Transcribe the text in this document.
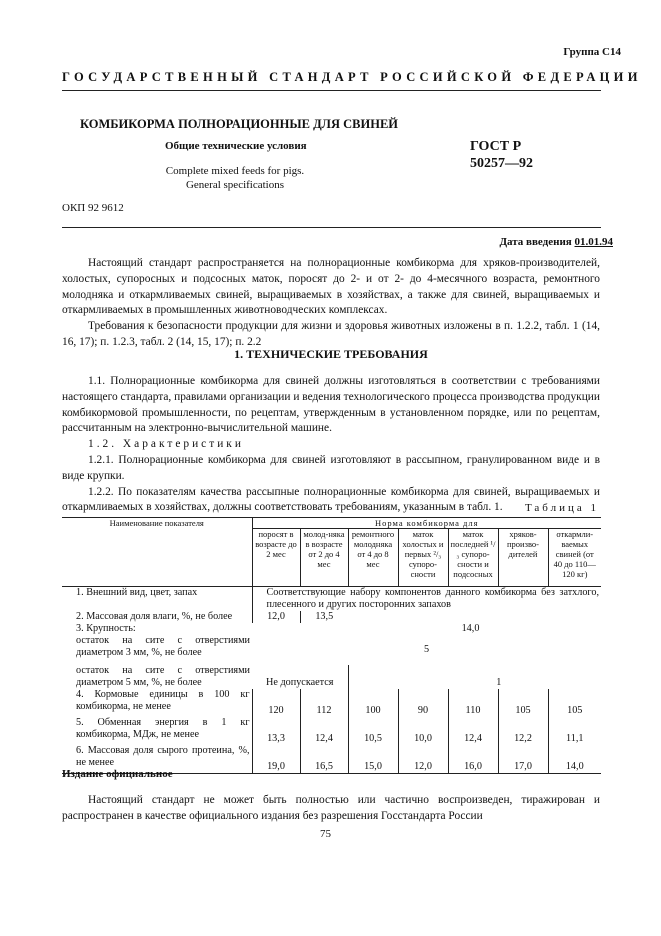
Группа С14
ГОСУДАРСТВЕННЫЙ СТАНДАРТ РОССИЙСКОЙ ФЕДЕРАЦИИ
КОМБИКОРМА ПОЛНОРАЦИОННЫЕ ДЛЯ СВИНЕЙ
Общие технические условия	ГОСТ Р
50257—92
Complete mixed feeds for pigs.
General specifications
ОКП 92 9612
Дата введения 01.01.94

Настоящий стандарт распространяется на полнорационные комбикорма для хряков-производителей, холостых, супоросных и подсосных маток, поросят до 2- и от 2- до 4-месячного возраста, ремонтного молодняка и откармливаемых свиней, выращиваемых в хозяйствах, а также для свиней, выращиваемых и откармливаемых в промышленных животноводческих комплексах.

Требования к безопасности продукции для жизни и здоровья животных изложены в п. 1.2.2, табл. 1 (14, 16, 17); п. 1.2.3, табл. 2 (14, 15, 17); п. 2.2

1. ТЕХНИЧЕСКИЕ ТРЕБОВАНИЯ

1.1. Полнорационные комбикорма для свиней должны изготовляться в соответствии с требованиями настоящего стандарта, правилами организации и ведения технологического процесса производства продукции комбикормовой промышленности, по рецептам, утвержденным в установленном порядке, или по рецептам, рассчитанным на электронно-вычислительной машине.

1.2. Характеристики

1.2.1. Полнорационные комбикорма для свиней изготовляют в рассыпном, гранулированном виде и в виде крупки.

1.2.2. По показателям качества рассыпные полнорационные комбикорма для свиней, выращиваемых и откармливаемых в хозяйствах, должны соответствовать требованиям, указанным в табл. 1.	Таблица 1
Наименование показателя	Норма комбикорма для						
	поросят в возрасте до 2 мес	молод-няка в возрасте от 2 до 4 мес	ремонтного молодняка от 4 до 8 мес	маток холостых и первых ²/₃ супоро-сности	маток последней ¹/₃ супоро-сности и подсосных	хряков-произво-дителей	откармли-ваемых свиней (от 40 до 110—120 кг)
1. Внешний вид, цвет, запах	Соответствующие набору компонентов данного комбикорма без затхлого, плесенного и других посторонних запахов						
2. Массовая доля влаги, %, не более	12,0	13,5					
3. Крупность:	14,0						
остаток на сите с отверстиями диаметром 3 мм, %, не более	5						
остаток на сите с отверстиями диаметром 5 мм, %, не более	Не допускается		1				
4. Кормовые единицы в 100 кг комбикорма, не менее	120	112	100	90	110	105	105
5. Обменная энергия в 1 кг комбикорма, МДж, не менее	13,3	12,4	10,5	10,0	12,4	12,2	11,1
6. Массовая доля сырого протеина, %, не менее	19,0	16,5	15,0	12,0	16,0	17,0	14,0
Издание официальное

Настоящий стандарт не может быть полностью или частично воспроизведен, тиражирован и распространен в качестве официального издания без разрешения Госстандарта России

75
